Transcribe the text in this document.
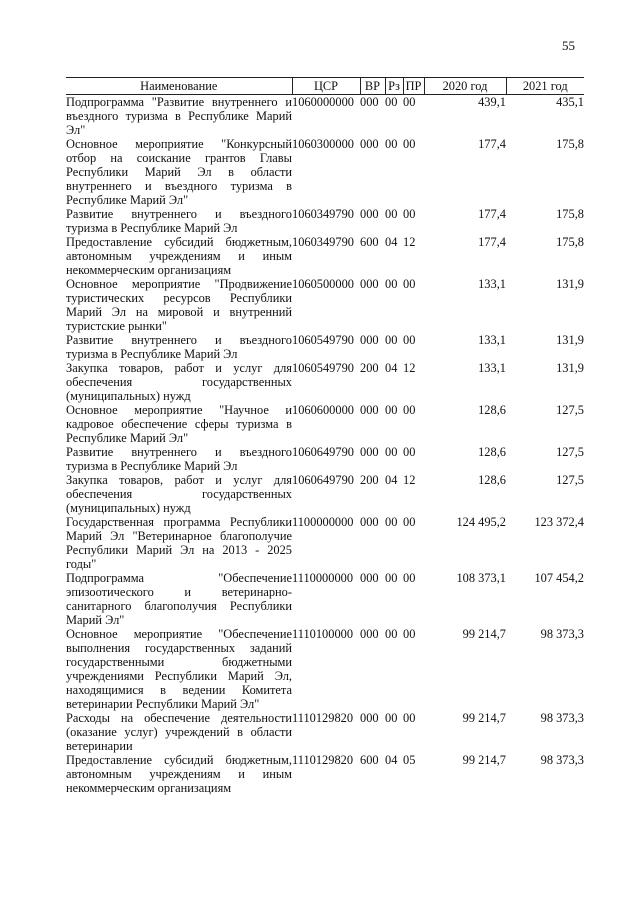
55
Наименование	ЦСР	ВР	Рз	ПР	2020 год	2021 год
Подпрограмма "Развитие внутреннего и въездного туризма в Республике Марий Эл"	1060000000	000	00	00	439,1	435,1
Основное мероприятие "Конкурсный отбор на соискание грантов Главы Республики Марий Эл в области внутреннего и въездного туризма в Республике Марий Эл"	1060300000	000	00	00	177,4	175,8
Развитие внутреннего и въездного туризма в Республике Марий Эл	1060349790	000	00	00	177,4	175,8
Предоставление субсидий бюджетным, автономным учреждениям и иным некоммерческим организациям	1060349790	600	04	12	177,4	175,8
Основное мероприятие "Продвижение туристических ресурсов Республики Марий Эл на мировой и внутренний туристские рынки"	1060500000	000	00	00	133,1	131,9
Развитие внутреннего и въездного туризма в Республике Марий Эл	1060549790	000	00	00	133,1	131,9
Закупка товаров, работ и услуг для обеспечения государственных (муниципальных) нужд	1060549790	200	04	12	133,1	131,9
Основное мероприятие "Научное и кадровое обеспечение сферы туризма в Республике Марий Эл"	1060600000	000	00	00	128,6	127,5
Развитие внутреннего и въездного туризма в Республике Марий Эл	1060649790	000	00	00	128,6	127,5
Закупка товаров, работ и услуг для обеспечения государственных (муниципальных) нужд	1060649790	200	04	12	128,6	127,5
Государственная программа Республики Марий Эл "Ветеринарное благополучие Республики Марий Эл на 2013 - 2025 годы"	1100000000	000	00	00	124 495,2	123 372,4
Подпрограмма "Обеспечение эпизоотического и ветеринарно-санитарного благополучия Республики Марий Эл"	1110000000	000	00	00	108 373,1	107 454,2
Основное мероприятие "Обеспечение выполнения государственных заданий государственными бюджетными учреждениями Республики Марий Эл, находящимися в ведении Комитета ветеринарии Республики Марий Эл"	1110100000	000	00	00	99 214,7	98 373,3
Расходы на обеспечение деятельности (оказание услуг) учреждений в области ветеринарии	1110129820	000	00	00	99 214,7	98 373,3
Предоставление субсидий бюджетным, автономным учреждениям и иным некоммерческим организациям	1110129820	600	04	05	99 214,7	98 373,3
